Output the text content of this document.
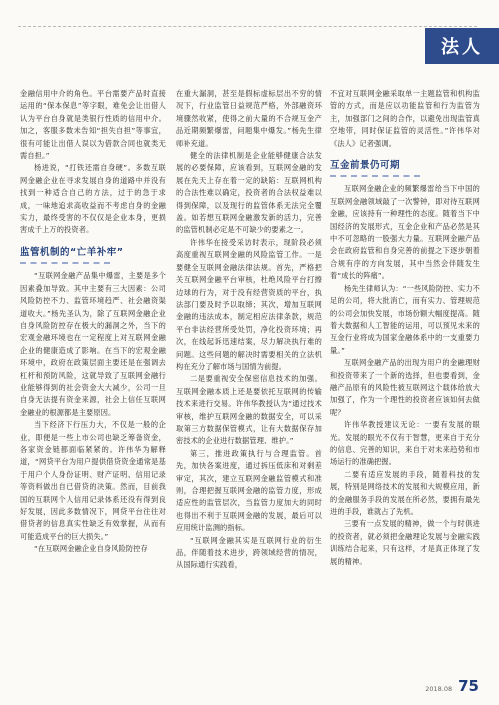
法人

金融信用中介的角色。平台需要产品时直接运用的“保本保息”等字眼，难免会让出借人认为平台自身就是类银行性质的信用中介。加之，客服多数未告知“担失自担”等事宜，很有可能让出借人误以为借款合同也就类无需自担。”

杨进说，“打铁还需自身硬”。多数互联网金融企业在寻求发展自身的道路中并没有找到一种适合自己的方法，过于的急于求成，一味地追求高收益而不考虑自身的金融实力，最终受害的不仅仅是企业本身，更损害成千上万的投资者。

监管机制的“亡羊补牢”

“互联网金融产品集中爆雷，主要是多个因素叠加导致。其中主要有三大因素：公司风险防控不力、监管环境趋严、社会融资渠道收大。”杨先圣认为，除了互联网金融企业自身风险防控存在极大的漏洞之外，当下的宏观金融环境也在一定程度上对互联网金融企业的健康造成了影响。在当下的宏观金融环境中，政府在政策层面主要还是在强调去杠杆和预防风险，这就导致了互联网金融行业能够得到的社会资金大大减少，公司一旦自身无法提有资金来源，社会上信任互联网金融业的根源都是主要原因。

当下经济下行压力大，不仅是一般的企业，即便是一些上市公司也缺乏筹备资金，各家资金链都面临紧紧的。许伟华为解释道，“网贷平台为用户提供借贷资金通常是基于用户个人身份证明、财产证明、信用记录等资料做出自已借贷的决策。然而，目前我国的互联网个人信用记录体系还没有得到良好发展，因此多数情况下，网贷平台往往对借贷者的信息真实性缺乏有效掌握，从而有可能造成平台的巨大损失。”

“在互联网金融企业自身风险防控存

在重大漏洞，甚至是假标虚标层出不穷的情况下，行业监管日益规范严格，外部融资环境骤然收紧，使得之前大量的不合规互金产品近期频繁爆雷，问题集中爆发。”杨先生律师补充道。

健全的法律机制是企业能够健康合法发展的必要保障，应该看到，互联网金融的发展在先天上存在着一定的缺陷：互联网机构的合法性难以确定，投资者的合法权益难以得到保障，以及现行的监管体系无法完全覆盖。如若想互联网金融激发新的活力，完善的监管机制必定是不可缺少的要素之一。

许伟华在接受采访时表示，现阶段必须高度重视互联网金融的风险监管工作。一是要健全互联网金融法律法规。首先，严格把关互联网金融平台审核，杜绝风险平台打擦边球的行为，对于没有经营资质的平台，执法部门要及时予以取缔；其次，增加互联网金融的违法成本，制定相应法律条款，规范平台非法经营所受处罚，净化投资环境；再次，在线起诉迅速结案，尽力解决执行难的问题。这些问题的解决时需要相关的立法机构在充分了解市场与国情为前提。

二是要重视安全保密信息技术的加强。互联网金融本质上还是要依托互联网的传输技术来进行交易。许伟华教授认为“通过技术审核，维护互联网金融的数据安全，可以采取第三方数据保管模式，让有大数据保存加密技术的企业进行数据管理、维护。”

第三，推进政策执行与合理监管。首先，加快各案进度，通过拆压低床和对剩差审定，其次，建立互联网金融监管模式和准则，合理把握互联网金融的监管力度，形成适应性的监管层次，当监管力度加大的同时也得出不利于互联网金融的发展，最后可以应用统计监测的指标。

“互联网金融其实是互联网行业的衍生品，伴随着技术进步，跨领域经营的情况，从国际通行实践看，

不宜对互联网金融采取单一主题监管和机构监管的方式，而是应以功能监管和行为监管为主，加强部门之间的合作，以避免出现监管真空地带，同时保证监管的灵活性。”许伟华对《法人》记者强调。

互金前景仍可期

互联网金融企业的频繁爆雷给当下中国的互联网金融领域敲了一次警钟，即对待互联网金融，应该持有一种理性的态度。随着当下中国经济的发展形式，互金企业和产品必然是其中不可忽略的一股强大力量。互联网金融产品会在政府监管和自身完善的前提之下逐步朝着合规有序的方向发展，其中当然会伴随发生着“成长的阵痛”。

杨先生律师认为：“一些风险防控、实力不足的公司，将大批消亡，而有实力、管理规范的公司会加快发展，市场份额大幅度提高。随着大数据和人工智能的运用，可以预见未来的互金行业将成为国家金融体系中的一支重要力量。”

互联网金融产品的出现为用户的金融理财和投资带来了一个新的选择，但也要看到，金融产品原有的风险性被互联网这个载体给放大加强了，作为一个理性的投资者应该如何去做呢？

许伟华教授建议无论：一要有发展的眼光。发展的眼光不仅有于智慧，更来自于充分的信息、完善的知识，来自于对未来趋势和市场运行的准确把握。

二要有适应发展的手段，随着科技的发展，特别是网络技术的发展和大规模应用，新的金融服务手段的发展在所必然，要拥有最先进的手段，谁就占了先机。

三要有一点发展的精神，做一个与时俱进的投资者，就必须把金融理论发展与金融实践训练结合起来，只有这样，才是真正体现了发展的精神。

2018.08 75
